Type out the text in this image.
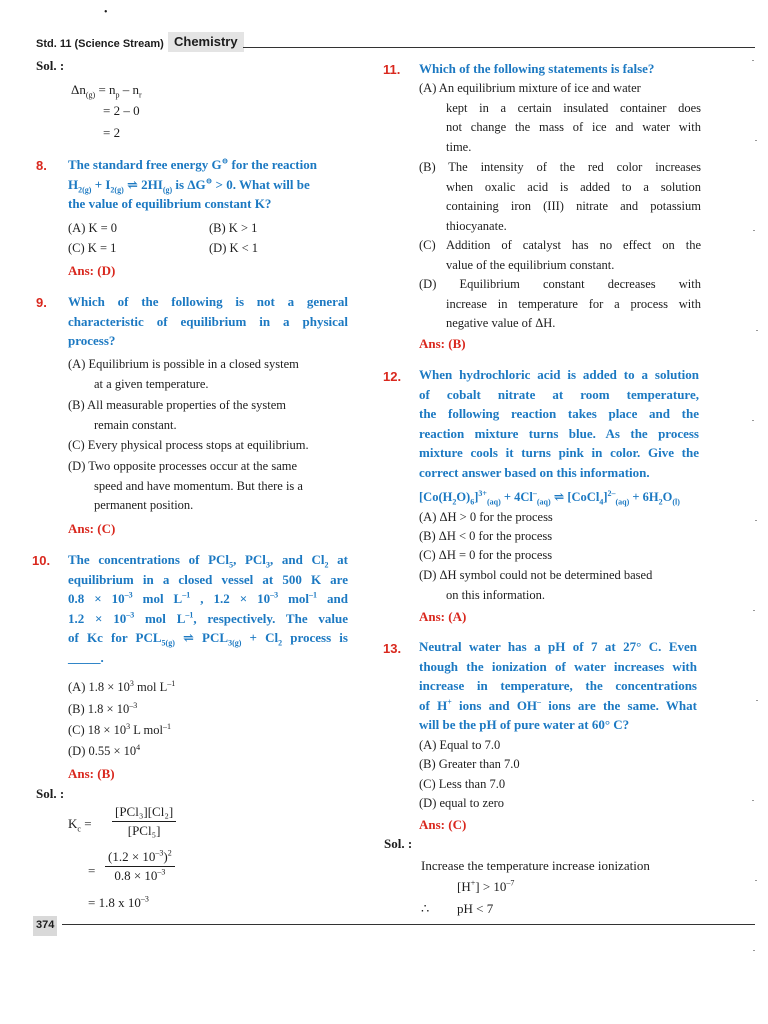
•
Std. 11 (Science Stream) Chemistry
Sol. :
$\Delta n_{(g)} = n_p - n_r$
= 2 – 0
= 2
8. The standard free energy G⊖ for the reaction
$H_{2(g)} + I_{2(g)}$ ⇌ $2HI_{(g)}$ is ΔG⊖ > 0. What will be
the value of equilibrium constant K?
(A) K = 0	(B) K > 1
(C) K = 1	(D) K < 1
Ans: (D)
9. Which of the following is not a general
characteristic of equilibrium in a physical
process?
(A) Equilibrium is possible in a closed system
at a given temperature.
(B) All measurable properties of the system
remain constant.
(C) Every physical process stops at equilibrium.
(D) Two opposite processes occur at the same
speed and have momentum. But there is a
permanent position.
Ans: (C)
10. The concentrations of PCl$_5$, PCl$_3$, and $Cl_2$ at
equilibrium in a closed vessel at 500 K are
$0.8 \times 10^{-3}$ mol $L^{-1}$ , $1.2 \times 10^{-3}$ mol$^{-1}$ and
$1.2 \times 10^{-3}$ mol $L^{-1}$, respectively. The value
of Kc for $PCL_{5(g)}$ ⇌ $PCL_{3(g)} + Cl_2$ process is
_____.
(A) $1.8 \times 10^3$ mol $L^{-1}$
(B) $1.8 \times 10^{-3}$
(C) $18 \times 10^3$ L mol$^{-1}$
(D) $0.55 \times 10^4$
Ans: (B)
Sol. :
$K_c = \frac{\text{[PCl₃][Cl₂]}}{\text{[PCl₅]}}$
= $\frac{(1.2 \times 10^{-3})^2}{0.8 \times 10^{-3}}$
= 1.8 x $10^{-3}$
11. Which of the following statements is false?
(A) An equilibrium mixture of ice and water
kept in a certain insulated container does
not change the mass of ice and water with
time.
(B) The intensity of the red color increases
when oxalic acid is added to a solution
containing iron (III) nitrate and potassium
thiocyanate.
(C) Addition of catalyst has no effect on the
value of the equilibrium constant.
(D) Equilibrium constant decreases with
increase in temperature for a process with
negative value of ΔH.
Ans: (B)
12. When hydrochloric acid is added to a solution
of cobalt nitrate at room temperature,
the following reaction takes place and the
reaction mixture turns blue. As the process
mixture cools it turns pink in color. Give the
correct answer based on this information.
$[Co(H_2O)_6]^{3+}_{(aq)} + 4Cl^-_{(aq)}$ ⇌ [CoCl$_4$]$^{2-}_{(aq)}$ + $6H_2O_{(l)}$
(A) ΔH > 0 for the process
(B) ΔH < 0 for the process
(C) ΔH = 0 for the process
(D) ΔH symbol could not be determined based
on this information.
Ans: (A)
13. Neutral water has a pH of 7 at 27° C. Even
though the ionization of water increases with
increase in temperature, the concentrations
of H+ ions and OH– ions are the same. What
will be the pH of pure water at 60° C?
(A) Equal to 7.0
(B) Greater than 7.0
(C) Less than 7.0
(D) equal to zero
Ans: (C)
Sol. :
Increase the temperature increase ionization
$[H^+] > 10^{-7}$
∴ pH < 7
374
